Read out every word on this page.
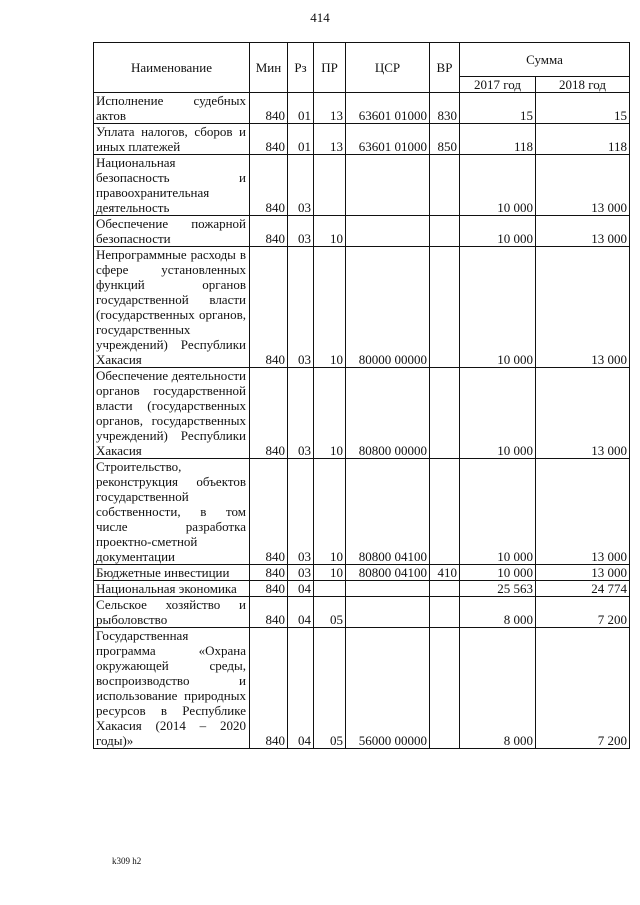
414
Наименование	Мин	Рз	ПР	ЦСР	ВР	Сумма	
						2017 год	2018 год
Исполнение судебных актов	840	01	13	63601 01000	830	15	15
Уплата налогов, сборов и иных платежей	840	01	13	63601 01000	850	118	118
Национальная безопасность и правоохранительная деятельность	840	03				10 000	13 000
Обеспечение пожарной безопасности	840	03	10			10 000	13 000
Непрограммные расходы в сфере установленных функций органов государственной власти (государственных органов, государственных учреждений) Республики Хакасия	840	03	10	80000 00000		10 000	13 000
Обеспечение деятельности органов государственной власти (государственных органов, государственных учреждений) Республики Хакасия	840	03	10	80800 00000		10 000	13 000
Строительство, реконструкция объектов государственной собственности, в том числе разработка проектно-сметной документации	840	03	10	80800 04100		10 000	13 000
Бюджетные инвестиции	840	03	10	80800 04100	410	10 000	13 000
Национальная экономика	840	04				25 563	24 774
Сельское хозяйство и рыболовство	840	04	05			8 000	7 200
Государственная программа «Охрана окружающей среды, воспроизводство и использование природных ресурсов в Республике Хакасия (2014 – 2020 годы)»	840	04	05	56000 00000		8 000	7 200
k309 h2
